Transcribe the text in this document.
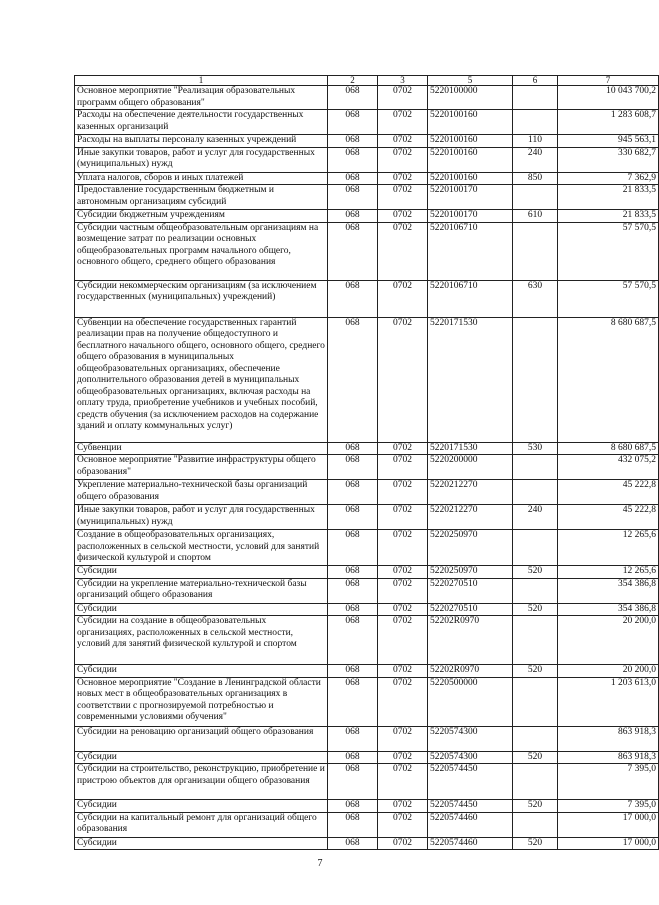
1	2	3	5	6	7
Основное мероприятие "Реализация образовательных программ общего образования"	068	0702	5220100000		10 043 700,2
Расходы на обеспечение деятельности государственных казенных организаций	068	0702	5220100160		1 283 608,7
Расходы на выплаты персоналу казенных учреждений	068	0702	5220100160	110	945 563,1
Иные закупки товаров, работ и услуг для государственных (муниципальных) нужд	068	0702	5220100160	240	330 682,7
Уплата налогов, сборов и иных платежей	068	0702	5220100160	850	7 362,9
Предоставление государственным бюджетным и автономным организациям субсидий	068	0702	5220100170		21 833,5
Субсидии бюджетным учреждениям	068	0702	5220100170	610	21 833,5
Субсидии частным общеобразовательным организациям на возмещение затрат по реализации основных общеобразовательных программ начального общего, основного общего, среднего общего образования	068	0702	5220106710		57 570,5
Субсидии некоммерческим организациям (за исключением государственных (муниципальных) учреждений)	068	0702	5220106710	630	57 570,5
Субвенции на обеспечение государственных гарантий реализации прав на получение общедоступного и бесплатного начального общего, основного общего, среднего общего образования в муниципальных общеобразовательных организациях, обеспечение дополнительного образования детей в муниципальных общеобразовательных организациях, включая расходы на оплату труда, приобретение учебников и учебных пособий, средств обучения (за исключением расходов на содержание зданий и оплату коммунальных услуг)	068	0702	5220171530		8 680 687,5
Субвенции	068	0702	5220171530	530	8 680 687,5
Основное мероприятие "Развитие инфраструктуры общего образования"	068	0702	5220200000		432 075,2
Укрепление материально-технической базы организаций общего образования	068	0702	5220212270		45 222,8
Иные закупки товаров, работ и услуг для государственных (муниципальных) нужд	068	0702	5220212270	240	45 222,8
Создание в общеобразовательных организациях, расположенных в сельской местности, условий для занятий физической культурой и спортом	068	0702	5220250970		12 265,6
Субсидии	068	0702	5220250970	520	12 265,6
Субсидии на укрепление материально-технической базы организаций общего образования	068	0702	5220270510		354 386,8
Субсидии	068	0702	5220270510	520	354 386,8
Субсидии на создание в общеобразовательных организациях, расположенных в сельской местности, условий для занятий физической культурой и спортом	068	0702	52202R0970		20 200,0
Субсидии	068	0702	52202R0970	520	20 200,0
Основное мероприятие "Создание в Ленинградской области новых мест в общеобразовательных организациях в соответствии с прогнозируемой потребностью и современными условиями обучения"	068	0702	5220500000		1 203 613,0
Субсидии на реновацию организаций общего образования	068	0702	5220574300		863 918,3
Субсидии	068	0702	5220574300	520	863 918,3
Субсидии на строительство, реконструкцию, приобретение и пристрою объектов для организации общего образования	068	0702	5220574450		7 395,0
Субсидии	068	0702	5220574450	520	7 395,0
Субсидии на капитальный ремонт для организаций общего образования	068	0702	5220574460		17 000,0
Субсидии	068	0702	5220574460	520	17 000,0
7
